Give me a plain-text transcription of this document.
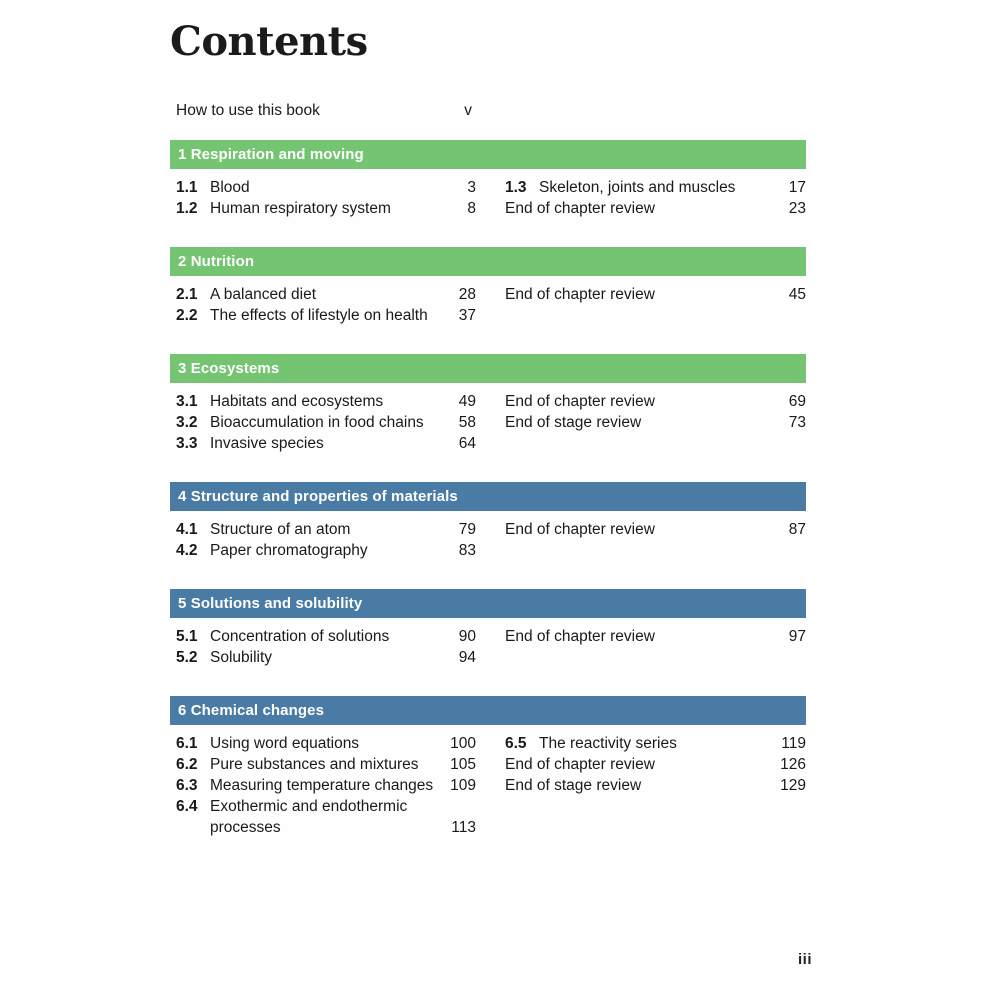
Contents
How to use this book	v
1 Respiration and moving
1.1 Blood	3
1.2 Human respiratory system	8
1.3 Skeleton, joints and muscles	17
End of chapter review	23
2 Nutrition
2.1 A balanced diet	28
2.2 The effects of lifestyle on health	37
End of chapter review	45
3 Ecosystems
3.1 Habitats and ecosystems	49
3.2 Bioaccumulation in food chains	58
3.3 Invasive species	64
End of chapter review	69
End of stage review	73
4 Structure and properties of materials
4.1 Structure of an atom	79
4.2 Paper chromatography	83
End of chapter review	87
5 Solutions and solubility
5.1 Concentration of solutions	90
5.2 Solubility	94
End of chapter review	97
6 Chemical changes
6.1 Using word equations	100
6.2 Pure substances and mixtures	105
6.3 Measuring temperature changes	109
6.4 Exothermic and endothermic
processes	113
6.5 The reactivity series	119
End of chapter review	126
End of stage review	129
iii
